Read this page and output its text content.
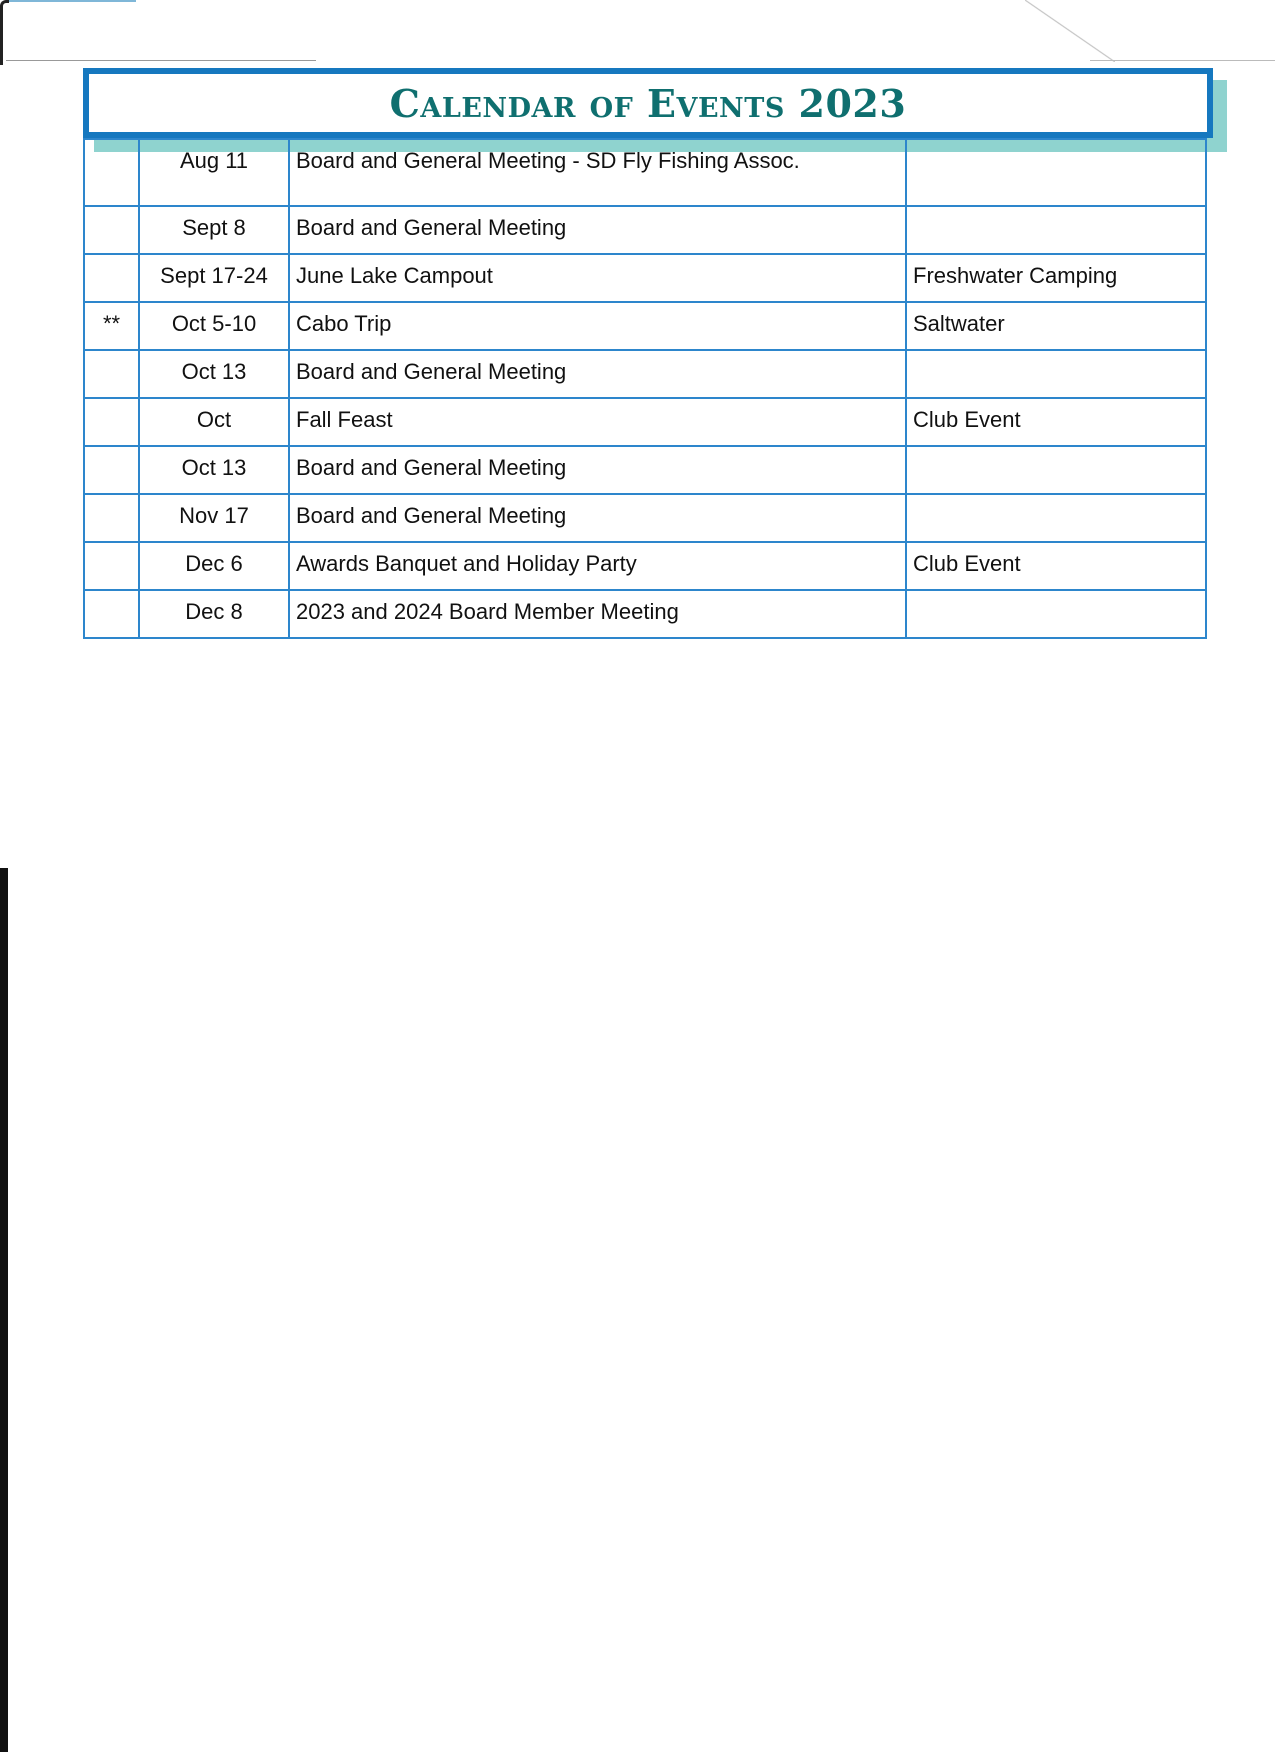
Calendar of Events 2023
	Aug 11	Board and General Meeting - SD Fly Fishing Assoc.	
	Sept 8	Board and General Meeting	
	Sept 17-24	June Lake Campout	Freshwater Camping
**	Oct 5-10	Cabo Trip	Saltwater
	Oct 13	Board and General Meeting	
	Oct	Fall Feast	Club Event
	Oct 13	Board and General Meeting	
	Nov 17	Board and General Meeting	
	Dec 6	Awards Banquet and Holiday Party	Club Event
	Dec 8	2023 and 2024 Board Member Meeting	
